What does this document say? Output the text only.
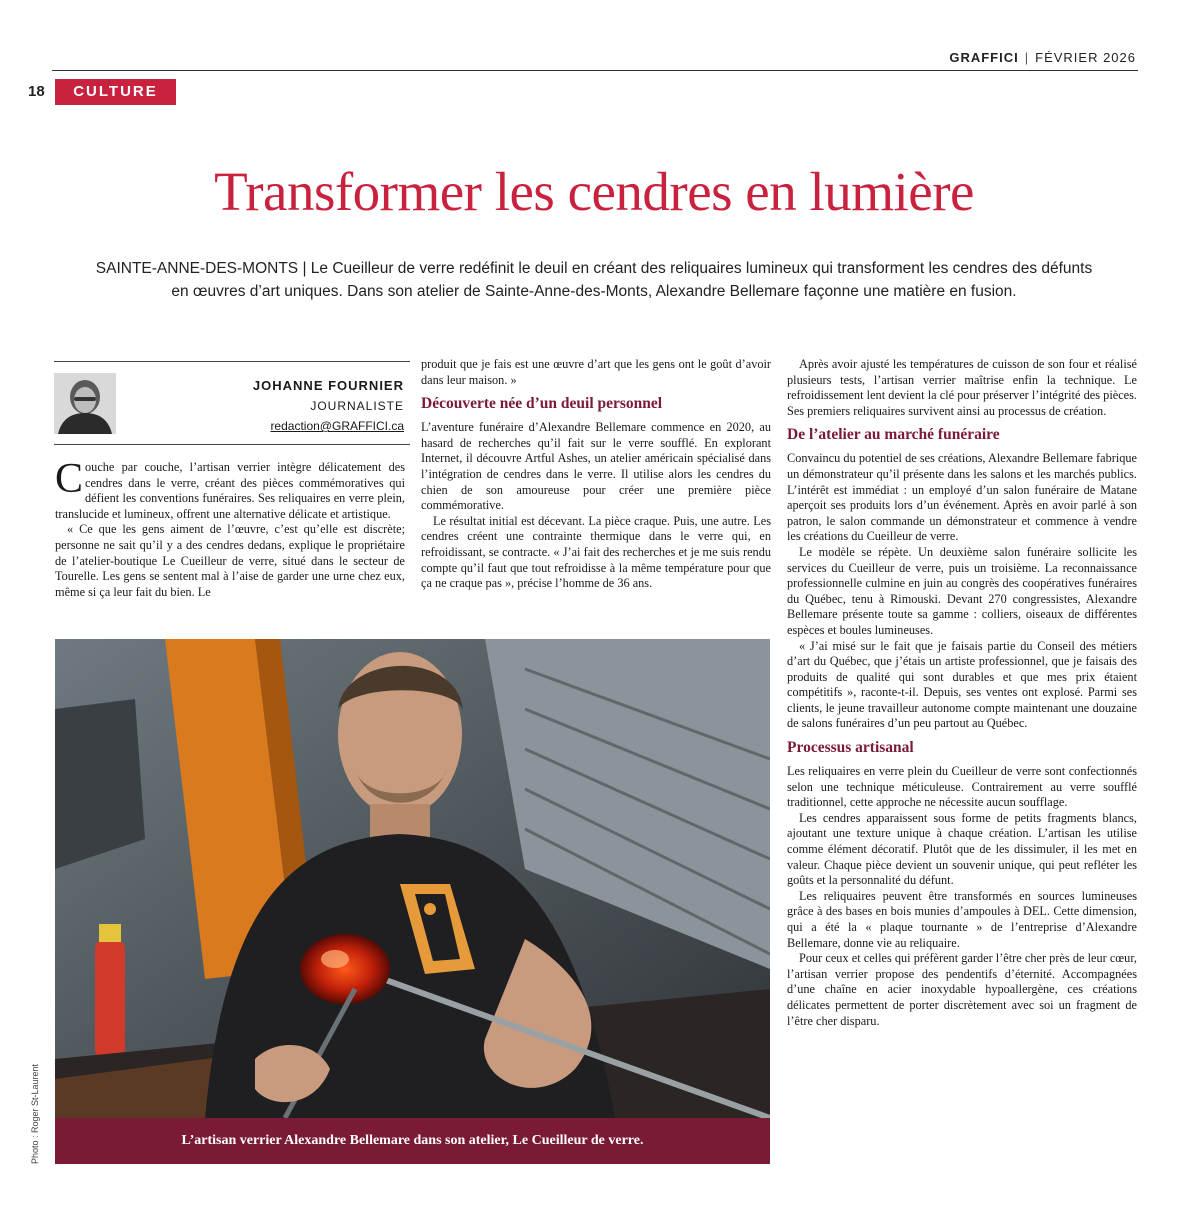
GRAFFICI | FÉVRIER 2026
18	CULTURE
Transformer les cendres en lumière

SAINTE-ANNE-DES-MONTS | Le Cueilleur de verre redéfinit le deuil en créant des reliquaires lumineux qui transforment les cendres des défunts en œuvres d’art uniques. Dans son atelier de Sainte-Anne-des-Monts, Alexandre Bellemare façonne une matière en fusion.

JOHANNE FOURNIER
JOURNALISTE
redaction@GRAFFICI.ca

Couche par couche, l’artisan verrier intègre délicatement des cendres dans le verre, créant des pièces commémoratives qui défient les conventions funéraires. Ses reliquaires en verre plein, translucide et lumineux, offrent une alternative délicate et artistique.

« Ce que les gens aiment de l’œuvre, c’est qu’elle est discrète; personne ne sait qu’il y a des cendres dedans, explique le propriétaire de l’atelier-boutique Le Cueilleur de verre, situé dans le secteur de Tourelle. Les gens se sentent mal à l’aise de garder une urne chez eux, même si ça leur fait du bien. Le

produit que je fais est une œuvre d’art que les gens ont le goût d’avoir dans leur maison. »

Découverte née d’un deuil personnel

L’aventure funéraire d’Alexandre Bellemare commence en 2020, au hasard de recherches qu’il fait sur le verre soufflé. En explorant Internet, il découvre Artful Ashes, un atelier américain spécialisé dans l’intégration de cendres dans le verre. Il utilise alors les cendres du chien de son amoureuse pour créer une première pièce commémorative.

Le résultat initial est décevant. La pièce craque. Puis, une autre. Les cendres créent une contrainte thermique dans le verre qui, en refroidissant, se contracte. « J’ai fait des recherches et je me suis rendu compte qu’il faut que tout refroidisse à la même température pour que ça ne craque pas », précise l’homme de 36 ans.

Après avoir ajusté les températures de cuisson de son four et réalisé plusieurs tests, l’artisan verrier maîtrise enfin la technique. Le refroidissement lent devient la clé pour préserver l’intégrité des pièces. Ses premiers reliquaires survivent ainsi au processus de création.

De l’atelier au marché funéraire

Convaincu du potentiel de ses créations, Alexandre Bellemare fabrique un démonstrateur qu’il présente dans les salons et les marchés publics. L’intérêt est immédiat : un employé d’un salon funéraire de Matane aperçoit ses produits lors d’un événement. Après en avoir parlé à son patron, le salon commande un démonstrateur et commence à vendre les créations du Cueilleur de verre.

Le modèle se répète. Un deuxième salon funéraire sollicite les services du Cueilleur de verre, puis un troisième. La reconnaissance professionnelle culmine en juin au congrès des coopératives funéraires du Québec, tenu à Rimouski. Devant 270 congressistes, Alexandre Bellemare présente toute sa gamme : colliers, oiseaux de différentes espèces et boules lumineuses.

« J’ai misé sur le fait que je faisais partie du Conseil des métiers d’art du Québec, que j’étais un artiste professionnel, que je faisais des produits de qualité qui sont durables et que mes prix étaient compétitifs », raconte-t-il. Depuis, ses ventes ont explosé. Parmi ses clients, le jeune travailleur autonome compte maintenant une douzaine de salons funéraires d’un peu partout au Québec.

Processus artisanal

Les reliquaires en verre plein du Cueilleur de verre sont confectionnés selon une technique méticuleuse. Contrairement au verre soufflé traditionnel, cette approche ne nécessite aucun soufflage.

Les cendres apparaissent sous forme de petits fragments blancs, ajoutant une texture unique à chaque création. L’artisan les utilise comme élément décoratif. Plutôt que de les dissimuler, il les met en valeur. Chaque pièce devient un souvenir unique, qui peut refléter les goûts et la personnalité du défunt.

Les reliquaires peuvent être transformés en sources lumineuses grâce à des bases en bois munies d’ampoules à DEL. Cette dimension, qui a été la « plaque tournante » de l’entreprise d’Alexandre Bellemare, donne vie au reliquaire.

Pour ceux et celles qui préfèrent garder l’être cher près de leur cœur, l’artisan verrier propose des pendentifs d’éternité. Accompagnées d’une chaîne en acier inoxydable hypoallergène, ces créations délicates permettent de porter discrètement avec soi un fragment de l’être cher disparu.

L’artisan verrier Alexandre Bellemare dans son atelier, Le Cueilleur de verre.
Photo : Roger St-Laurent
